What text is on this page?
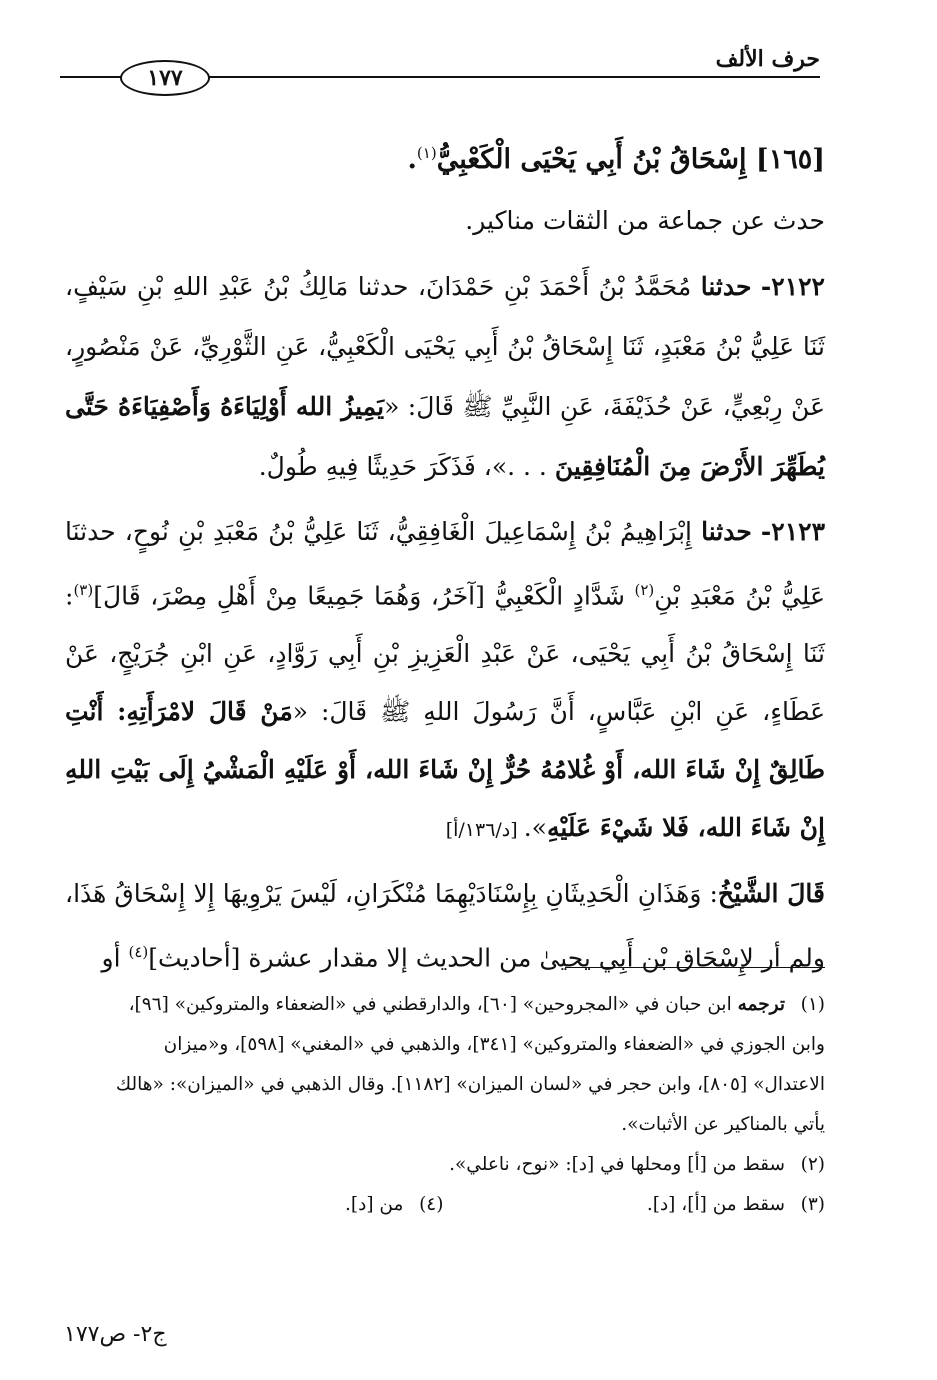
حرف الألف
١٧٧
[١٦٥] إِسْحَاقُ بْنُ أَبِي يَحْيَى الْكَعْبِيُّ$^{(١)}$.

حدث عن جماعة من الثقات مناكير.

٢١٢٢- حدثنا مُحَمَّدُ بْنُ أَحْمَدَ بْنِ حَمْدَانَ، حدثنا مَالِكُ بْنُ عَبْدِ اللهِ بْنِ سَيْفٍ، ثَنَا عَلِيُّ بْنُ مَعْبَدٍ، ثَنَا إِسْحَاقُ بْنُ أَبِي يَحْيَى الْكَعْبِيُّ، عَنِ الثَّوْرِيِّ، عَنْ مَنْصُورٍ، عَنْ رِبْعِيٍّ، عَنْ حُذَيْفَةَ، عَنِ النَّبِيِّ ﷺ قَالَ: «يَمِيزُ الله أَوْلِيَاءَهُ وَأَصْفِيَاءَهُ حَتَّى يُطَهِّرَ الأَرْضَ مِنَ الْمُنَافِقِينَ . . .»، فَذَكَرَ حَدِيثًا فِيهِ طُولٌ.

٢١٢٣- حدثنا إِبْرَاهِيمُ بْنُ إِسْمَاعِيلَ الْغَافِقِيُّ، ثَنَا عَلِيُّ بْنُ مَعْبَدِ بْنِ نُوحٍ، حدثنَا عَلِيُّ بْنُ مَعْبَدِ بْنِ$^{(٢)}$ شَدَّادٍ الْكَعْبِيُّ [آخَرُ، وَهُمَا جَمِيعًا مِنْ أَهْلِ مِصْرَ، قَالَ]$^{(٣)}$: ثَنَا إِسْحَاقُ بْنُ أَبِي يَحْيَى، عَنْ عَبْدِ الْعَزِيزِ بْنِ أَبِي رَوَّادٍ، عَنِ ابْنِ جُرَيْجٍ، عَنْ عَطَاءٍ، عَنِ ابْنِ عَبَّاسٍ، أَنَّ رَسُولَ اللهِ ﷺ قَالَ: «مَنْ قَالَ لامْرَأَتِهِ: أَنْتِ طَالِقٌ إِنْ شَاءَ الله، أَوْ غُلامُهُ حُرٌّ إِنْ شَاءَ الله، أَوْ عَلَيْهِ الْمَشْيُ إِلَى بَيْتِ اللهِ إِنْ شَاءَ الله، فَلا شَيْءَ عَلَيْهِ». [د/١٣٦/أ]

قَالَ الشَّيْخُ: وَهَذَانِ الْحَدِيثَانِ بِإِسْنَادَيْهِمَا مُنْكَرَانِ، لَيْسَ يَرْوِيهَا إِلا إِسْحَاقُ هَذَا، ولم أر لإِسْحَاق بْن أَبِي يحيىٰ من الحديث إلا مقدار عشرة [أحاديث]$^{(٤)}$ أو

(١)ترجمه ابن حبان في «المجروحين» [٦٠]، والدارقطني في «الضعفاء والمتروكين» [٩٦]، وابن الجوزي في «الضعفاء والمتروكين» [٣٤١]، والذهبي في «المغني» [٥٩٨]، و«ميزان الاعتدال» [٨٠٥]، وابن حجر في «لسان الميزان» [١١٨٢]. وقال الذهبي في «الميزان»: «هالك يأتي بالمناكير عن الأثبات».

(٢)سقط من [أ] ومحلها في [د]: «نوح، ناعلي».

(٣)سقط من [أ]، [د].

(٤)من [د].

ج٢- ص١٧٧
